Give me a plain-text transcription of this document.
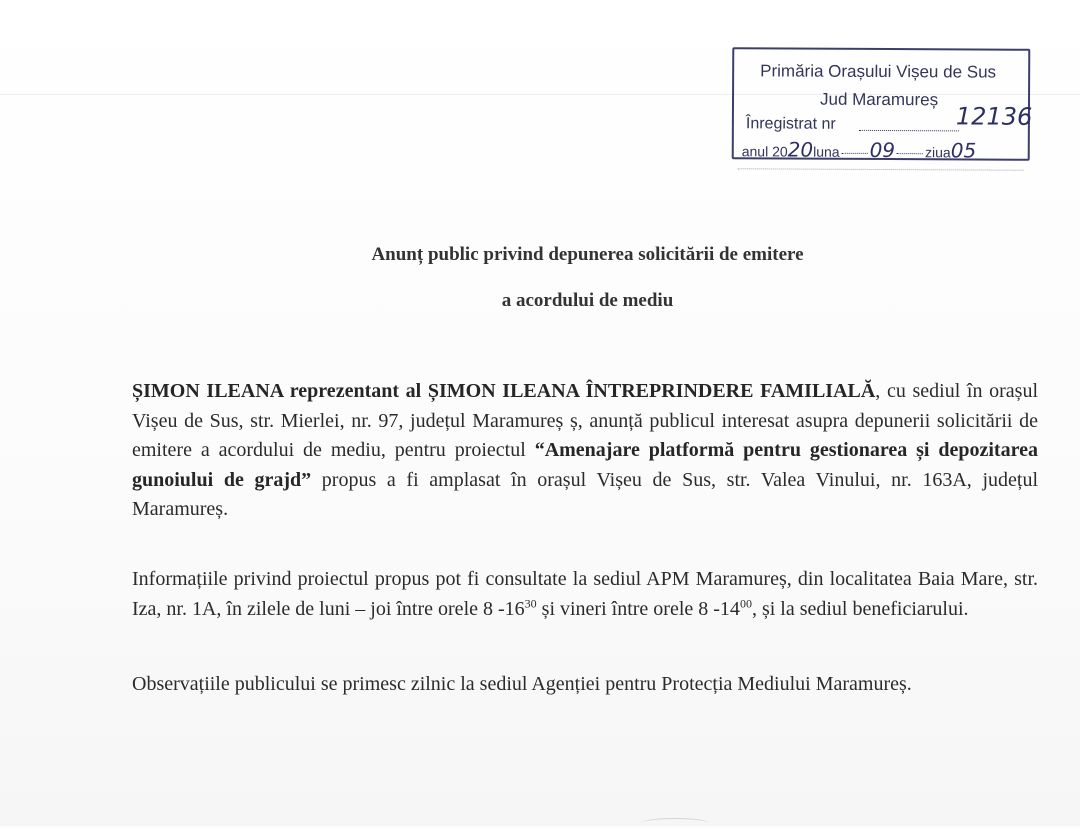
Primăria Orașului Vișeu de Sus
Jud Maramureș
Înregistrat nr	12136
anul 2020luna 09 ziua05
Anunț public privind depunerea solicitării de emitere
a acordului de mediu

ȘIMON ILEANA reprezentant al ȘIMON ILEANA ÎNTREPRINDERE FAMILIALĂ, cu sediul în orașul Vișeu de Sus, str. Mierlei, nr. 97, județul Maramureș ș, anunță publicul interesat asupra depunerii solicitării de emitere a acordului de mediu, pentru proiectul “Amenajare platformă pentru gestionarea și depozitarea gunoiului de grajd” propus a fi amplasat în orașul Vișeu de Sus, str. Valea Vinului, nr. 163A, județul Maramureș.

Informațiile privind proiectul propus pot fi consultate la sediul APM Maramureș, din localitatea Baia Mare, str. Iza, nr. 1A, în zilele de luni – joi între orele 8 $-16^{30}$ și vineri între orele 8 $-14^{00}$, și la sediul beneficiarului.

Observațiile publicului se primesc zilnic la sediul Agenției pentru Protecția Mediului Maramureș.
